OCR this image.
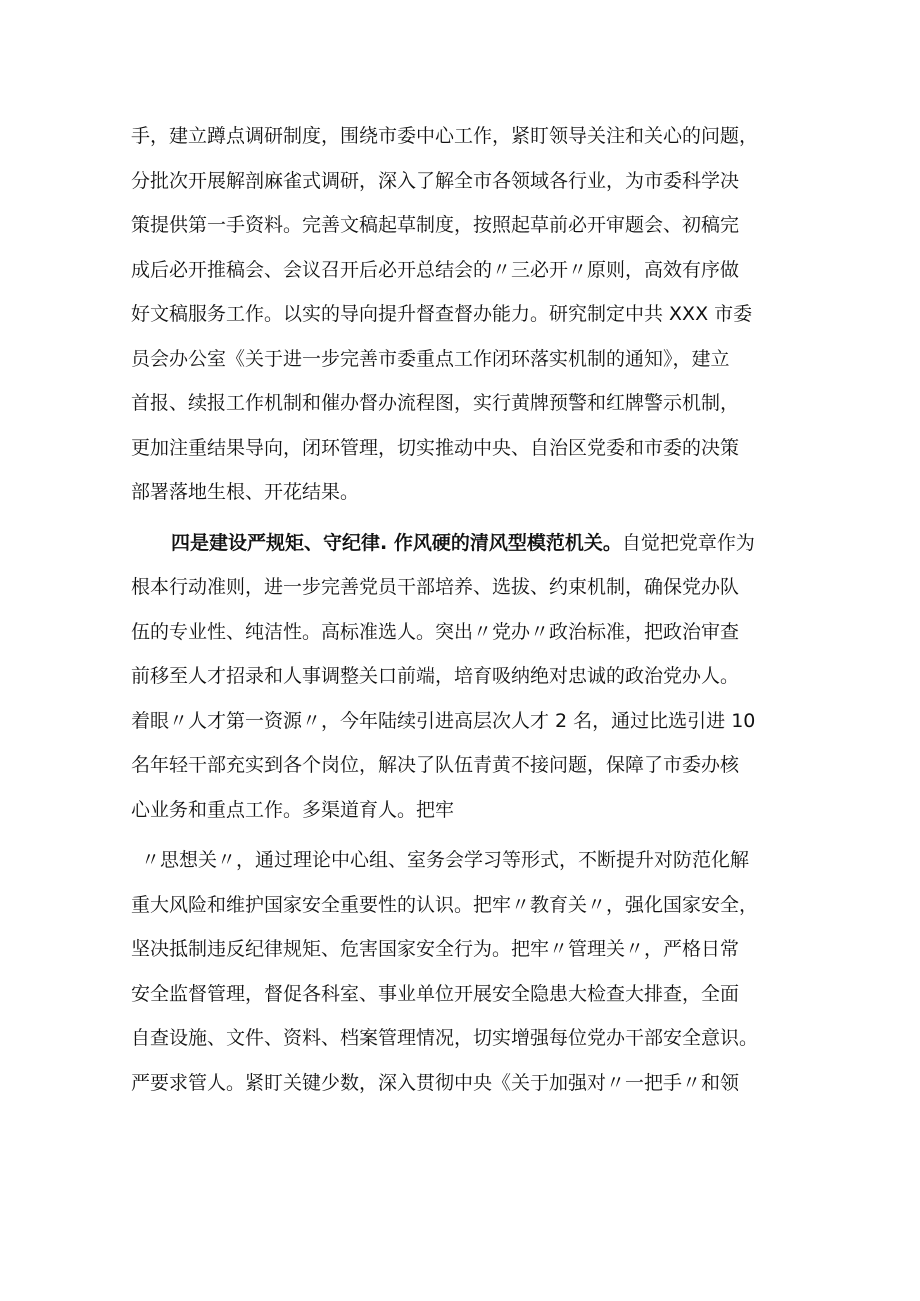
手，建立蹲点调研制度，围绕市委中心工作，紧盯领导关注和关心的问题，
分批次开展解剖麻雀式调研，深入了解全市各领域各行业，为市委科学决
策提供第一手资料。完善文稿起草制度，按照起草前必开审题会、初稿完
成后必开推稿会、会议召开后必开总结会的〃三必开〃原则，高效有序做
好文稿服务工作。以实的导向提升督查督办能力。研究制定中共 XXX 市委
员会办公室《关于进一步完善市委重点工作闭环落实机制的通知》，建立
首报、续报工作机制和催办督办流程图，实行黄牌预警和红牌警示机制，
更加注重结果导向，闭环管理，切实推动中央、自治区党委和市委的决策
部署落地生根、开花结果。
四是建设严规矩、守纪律. 作风硬的清风型模范机关。自觉把党章作为
根本行动准则，进一步完善党员干部培养、选拔、约束机制，确保党办队
伍的专业性、纯洁性。高标准选人。突出〃党办〃政治标准，把政治审查
前移至人才招录和人事调整关口前端，培育吸纳绝对忠诚的政治党办人。
着眼〃人才第一资源〃，今年陆续引进高层次人才 2 名，通过比选引进 10
名年轻干部充实到各个岗位，解决了队伍青黄不接问题，保障了市委办核
心业务和重点工作。多渠道育人。把牢
〃思想关〃，通过理论中心组、室务会学习等形式，不断提升对防范化解
重大风险和维护国家安全重要性的认识。把牢〃教育关〃，强化国家安全，
坚决抵制违反纪律规矩、危害国家安全行为。把牢〃管理关〃，严格日常
安全监督管理，督促各科室、事业单位开展安全隐患大检查大排查，全面
自查设施、文件、资料、档案管理情况，切实增强每位党办干部安全意识。
严要求管人。紧盯关键少数，深入贯彻中央《关于加强对〃一把手〃和领
